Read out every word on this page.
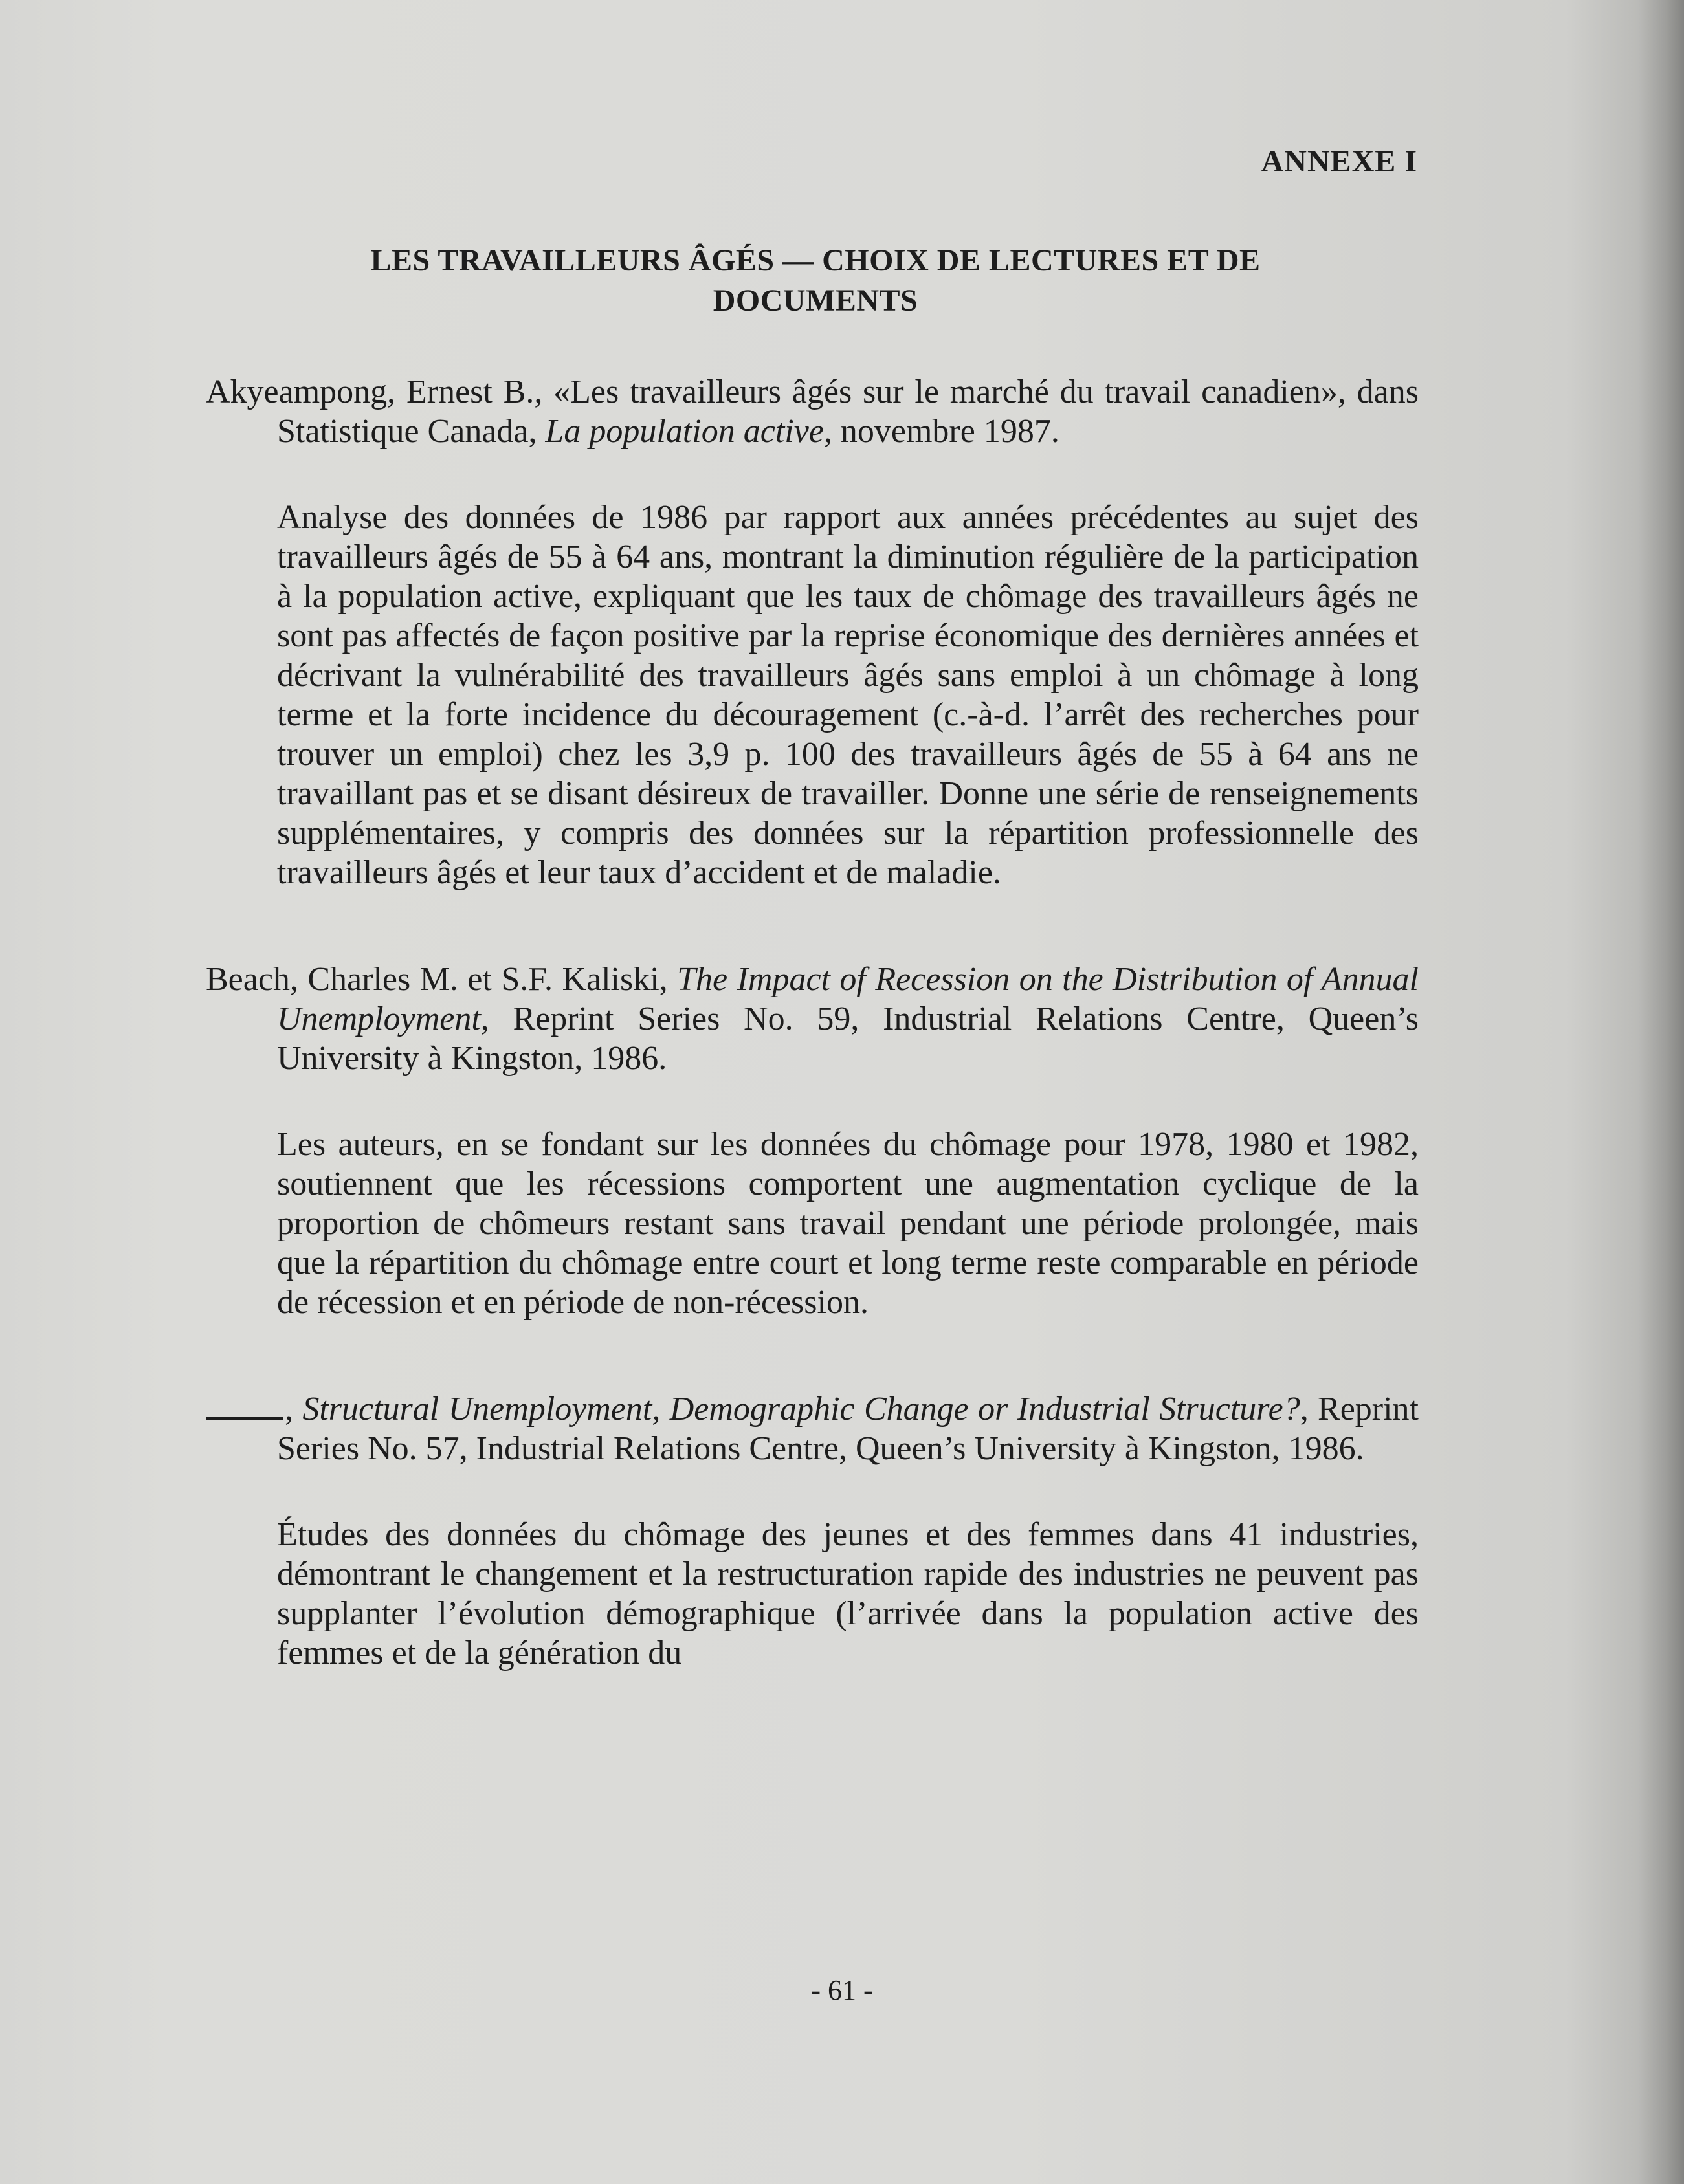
ANNEXE I

LES TRAVAILLEURS ÂGÉS — CHOIX DE LECTURES ET DE
DOCUMENTS

Akyeampong, Ernest B., «Les travailleurs âgés sur le marché du travail canadien», dans Statistique Canada, La population active, novembre 1987.

Analyse des données de 1986 par rapport aux années précédentes au sujet des travailleurs âgés de 55 à 64 ans, montrant la diminution régulière de la participation à la population active, expliquant que les taux de chômage des travailleurs âgés ne sont pas affectés de façon positive par la reprise économique des dernières années et décrivant la vulnérabilité des travailleurs âgés sans emploi à un chômage à long terme et la forte incidence du découragement (c.-à-d. l’arrêt des recherches pour trouver un emploi) chez les 3,9 p. 100 des travailleurs âgés de 55 à 64 ans ne travaillant pas et se disant désireux de travailler. Donne une série de renseignements supplémentaires, y compris des données sur la répartition professionnelle des travailleurs âgés et leur taux d’accident et de maladie.

Beach, Charles M. et S.F. Kaliski, The Impact of Recession on the Distribution of Annual Unemployment, Reprint Series No. 59, Industrial Relations Centre, Queen’s University à Kingston, 1986.

Les auteurs, en se fondant sur les données du chômage pour 1978, 1980 et 1982, soutiennent que les récessions comportent une augmentation cyclique de la proportion de chômeurs restant sans travail pendant une période prolongée, mais que la répartition du chômage entre court et long terme reste comparable en période de récession et en période de non-récession.

, Structural Unemployment, Demographic Change or Industrial Structure?, Reprint Series No. 57, Industrial Relations Centre, Queen’s University à Kingston, 1986.

Études des données du chômage des jeunes et des femmes dans 41 industries, démontrant le changement et la restructuration rapide des industries ne peuvent pas supplanter l’évolution démographique (l’arrivée dans la population active des femmes et de la génération du

- 61 -
